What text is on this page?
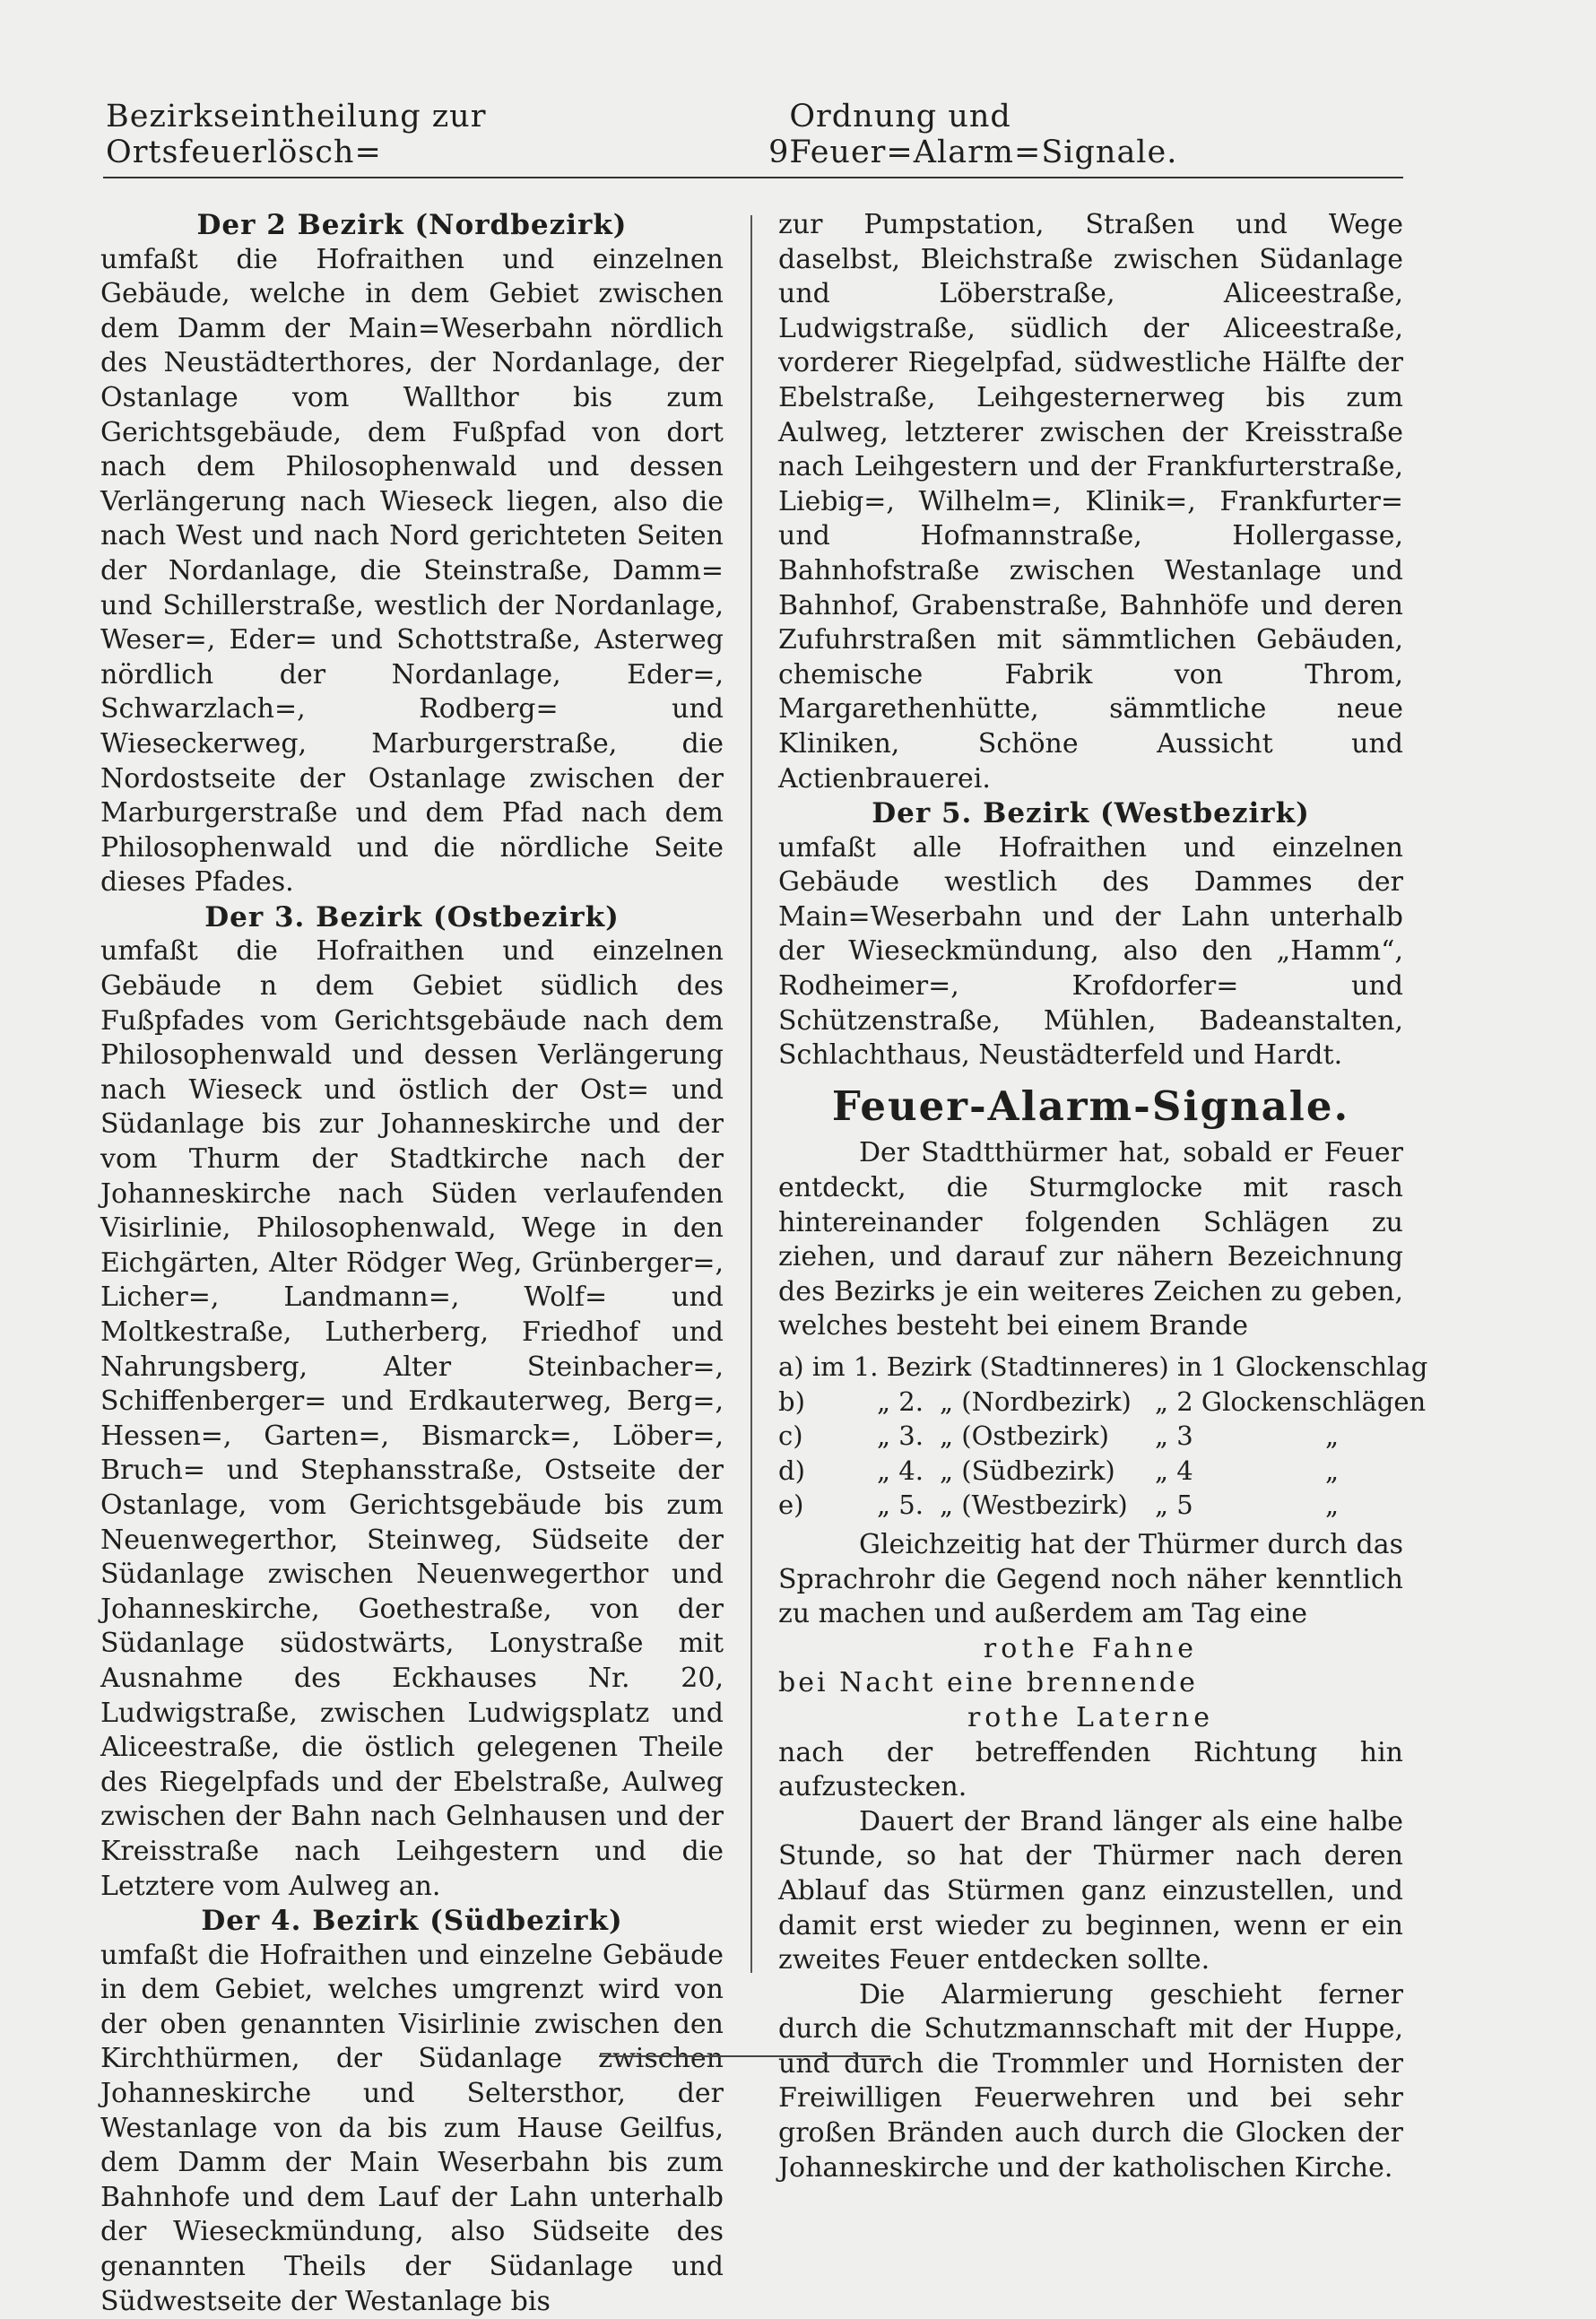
Bezirkseintheilung zur Ortsfeuerlösch=	9
Ordnung und Feuer=Alarm=Signale.

Der 2 Bezirk (Nordbezirk)

umfaßt die Hofraithen und einzelnen Gebäude, welche in dem Gebiet zwischen dem Damm der Main=Weserbahn nördlich des Neustädterthores, der Nordanlage, der Ostanlage vom Wallthor bis zum Gerichtsgebäude, dem Fußpfad von dort nach dem Philosophenwald und dessen Verlängerung nach Wieseck liegen, also die nach West und nach Nord gerichteten Seiten der Nordanlage, die Steinstraße, Damm= und Schillerstraße, westlich der Nordanlage, Weser=, Eder= und Schottstraße, Asterweg nördlich der Nordanlage, Eder=, Schwarzlach=, Rodberg= und Wieseckerweg, Marburgerstraße, die Nordostseite der Ostanlage zwischen der Marburgerstraße und dem Pfad nach dem Philosophenwald und die nördliche Seite dieses Pfades.

Der 3. Bezirk (Ostbezirk)

umfaßt die Hofraithen und einzelnen Gebäude n dem Gebiet südlich des Fußpfades vom Gerichtsgebäude nach dem Philosophenwald und dessen Verlängerung nach Wieseck und östlich der Ost= und Südanlage bis zur Johanneskirche und der vom Thurm der Stadtkirche nach der Johanneskirche nach Süden verlaufenden Visirlinie, Philosophenwald, Wege in den Eichgärten, Alter Rödger Weg, Grünberger=, Licher=, Landmann=, Wolf= und Moltkestraße, Lutherberg, Friedhof und Nahrungsberg, Alter Steinbacher=, Schiffenberger= und Erdkauterweg, Berg=, Hessen=, Garten=, Bismarck=, Löber=, Bruch= und Stephansstraße, Ostseite der Ostanlage, vom Gerichtsgebäude bis zum Neuenwegerthor, Steinweg, Südseite der Südanlage zwischen Neuenwegerthor und Johanneskirche, Goethestraße, von der Südanlage südostwärts, Lonystraße mit Ausnahme des Eckhauses Nr. 20, Ludwigstraße, zwischen Ludwigsplatz und Aliceestraße, die östlich gelegenen Theile des Riegelpfads und der Ebelstraße, Aulweg zwischen der Bahn nach Gelnhausen und der Kreisstraße nach Leihgestern und die Letztere vom Aulweg an.

Der 4. Bezirk (Südbezirk)

umfaßt die Hofraithen und einzelne Gebäude in dem Gebiet, welches umgrenzt wird von der oben genannten Visirlinie zwischen den Kirchthürmen, der Südanlage zwischen Johanneskirche und Seltersthor, der Westanlage von da bis zum Hause Geilfus, dem Damm der Main Weserbahn bis zum Bahnhofe und dem Lauf der Lahn unterhalb der Wieseckmündung, also Südseite des genannten Theils der Südanlage und Südwestseite der Westanlage bis

zur Pumpstation, Straßen und Wege daselbst, Bleichstraße zwischen Südanlage und Löberstraße, Aliceestraße, Ludwigstraße, südlich der Aliceestraße, vorderer Riegelpfad, südwestliche Hälfte der Ebelstraße, Leihgesternerweg bis zum Aulweg, letzterer zwischen der Kreisstraße nach Leihgestern und der Frankfurterstraße, Liebig=, Wilhelm=, Klinik=, Frankfurter= und Hofmannstraße, Hollergasse, Bahnhofstraße zwischen Westanlage und Bahnhof, Grabenstraße, Bahnhöfe und deren Zufuhrstraßen mit sämmtlichen Gebäuden, chemische Fabrik von Throm, Margarethenhütte, sämmtliche neue Kliniken, Schöne Aussicht und Actienbrauerei.

Der 5. Bezirk (Westbezirk)

umfaßt alle Hofraithen und einzelnen Gebäude westlich des Dammes der Main=Weserbahn und der Lahn unterhalb der Wieseckmündung, also den „Hamm“, Rodheimer=, Krofdorfer= und Schützenstraße, Mühlen, Badeanstalten, Schlachthaus, Neustädterfeld und Hardt.

Feuer-Alarm-Signale.

Der Stadtthürmer hat, sobald er Feuer entdeckt, die Sturmglocke mit rasch hintereinander folgenden Schlägen zu ziehen, und darauf zur nähern Bezeichnung des Bezirks je ein weiteres Zeichen zu geben, welches besteht bei einem Brande

a) im 1. Bezirk (Stadtinneres) in 1 Glockenschlag
b)	„ 2. „ (Nordbezirk) „ 2 Glockenschlägen
c)	„ 3. „ (Ostbezirk)	„ 3	„
d)	„ 4. „ (Südbezirk)	„ 4	„
e)	„ 5. „ (Westbezirk)	„ 5	„

Gleichzeitig hat der Thürmer durch das Sprachrohr die Gegend noch näher kenntlich zu machen und außerdem am Tag eine

rothe Fahne

bei Nacht eine brennende

rothe Laterne

nach der betreffenden Richtung hin aufzustecken.

Dauert der Brand länger als eine halbe Stunde, so hat der Thürmer nach deren Ablauf das Stürmen ganz einzustellen, und damit erst wieder zu beginnen, wenn er ein zweites Feuer entdecken sollte.

Die Alarmierung geschieht ferner durch die Schutzmannschaft mit der Huppe, und durch die Trommler und Hornisten der Freiwilligen Feuerwehren und bei sehr großen Bränden auch durch die Glocken der Johanneskirche und der katholischen Kirche.
